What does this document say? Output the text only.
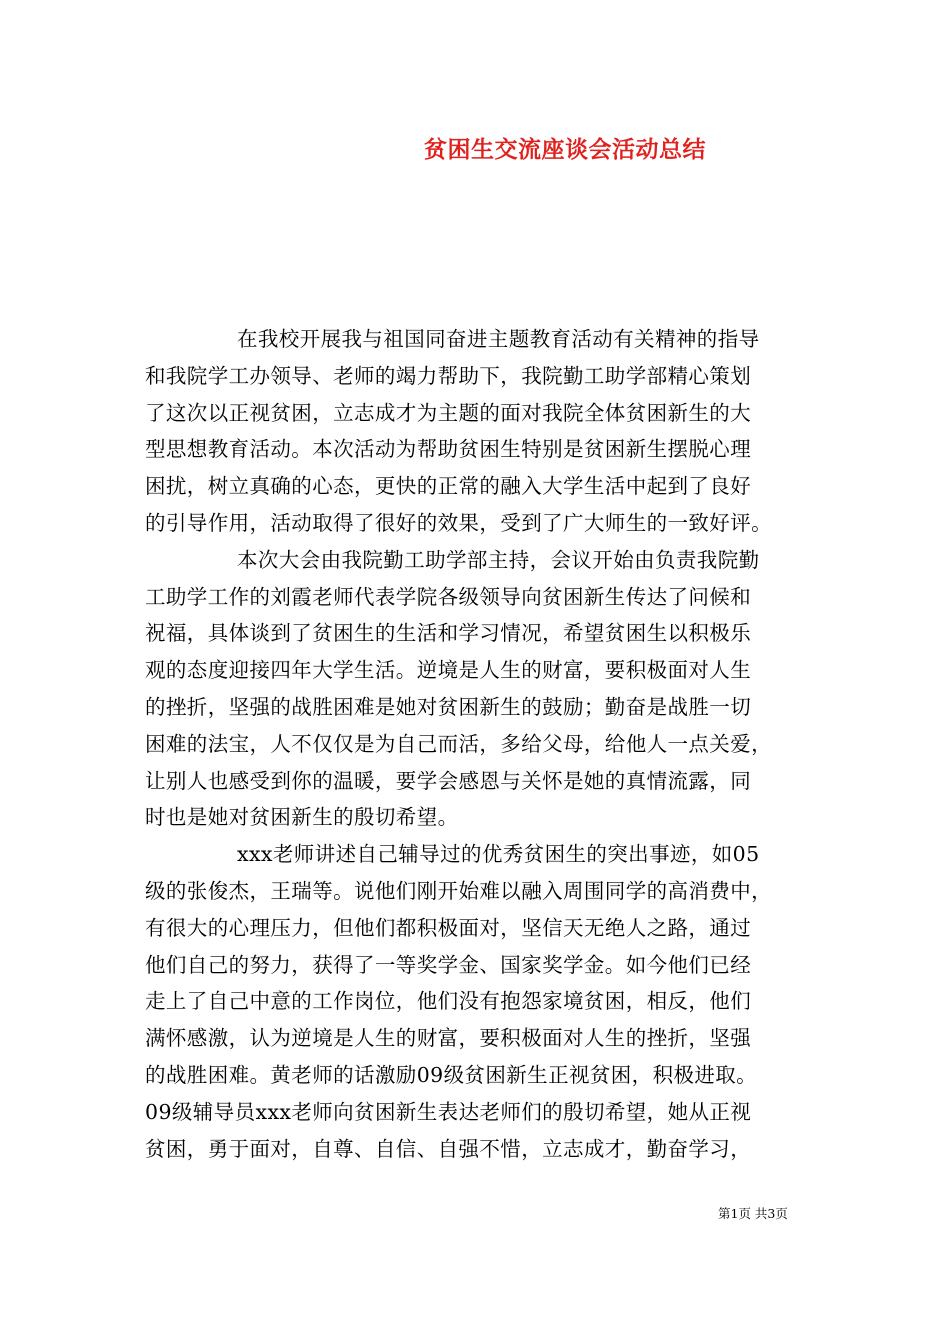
贫困生交流座谈会活动总结
在我校开展我与祖国同奋进主题教育活动有关精神的指导
和我院学工办领导、老师的竭力帮助下，我院勤工助学部精心策划
了这次以正视贫困，立志成才为主题的面对我院全体贫困新生的大
型思想教育活动。本次活动为帮助贫困生特别是贫困新生摆脱心理
困扰，树立真确的心态，更快的正常的融入大学生活中起到了良好
的引导作用，活动取得了很好的效果，受到了广大师生的一致好评。
本次大会由我院勤工助学部主持，会议开始由负责我院勤
工助学工作的刘霞老师代表学院各级领导向贫困新生传达了问候和
祝福，具体谈到了贫困生的生活和学习情况，希望贫困生以积极乐
观的态度迎接四年大学生活。逆境是人生的财富，要积极面对人生
的挫折，坚强的战胜困难是她对贫困新生的鼓励；勤奋是战胜一切
困难的法宝，人不仅仅是为自己而活，多给父母，给他人一点关爱，
让别人也感受到你的温暖，要学会感恩与关怀是她的真情流露，同
时也是她对贫困新生的殷切希望。
xxx老师讲述自己辅导过的优秀贫困生的突出事迹，如05
级的张俊杰，王瑞等。说他们刚开始难以融入周围同学的高消费中，
有很大的心理压力，但他们都积极面对，坚信天无绝人之路，通过
他们自己的努力，获得了一等奖学金、国家奖学金。如今他们已经
走上了自己中意的工作岗位，他们没有抱怨家境贫困，相反，他们
满怀感激，认为逆境是人生的财富，要积极面对人生的挫折，坚强
的战胜困难。黄老师的话激励09级贫困新生正视贫困，积极进取。
09级辅导员xxx老师向贫困新生表达老师们的殷切希望，她从正视
贫困，勇于面对，自尊、自信、自强不惜，立志成才，勤奋学习，
第1页 共3页
